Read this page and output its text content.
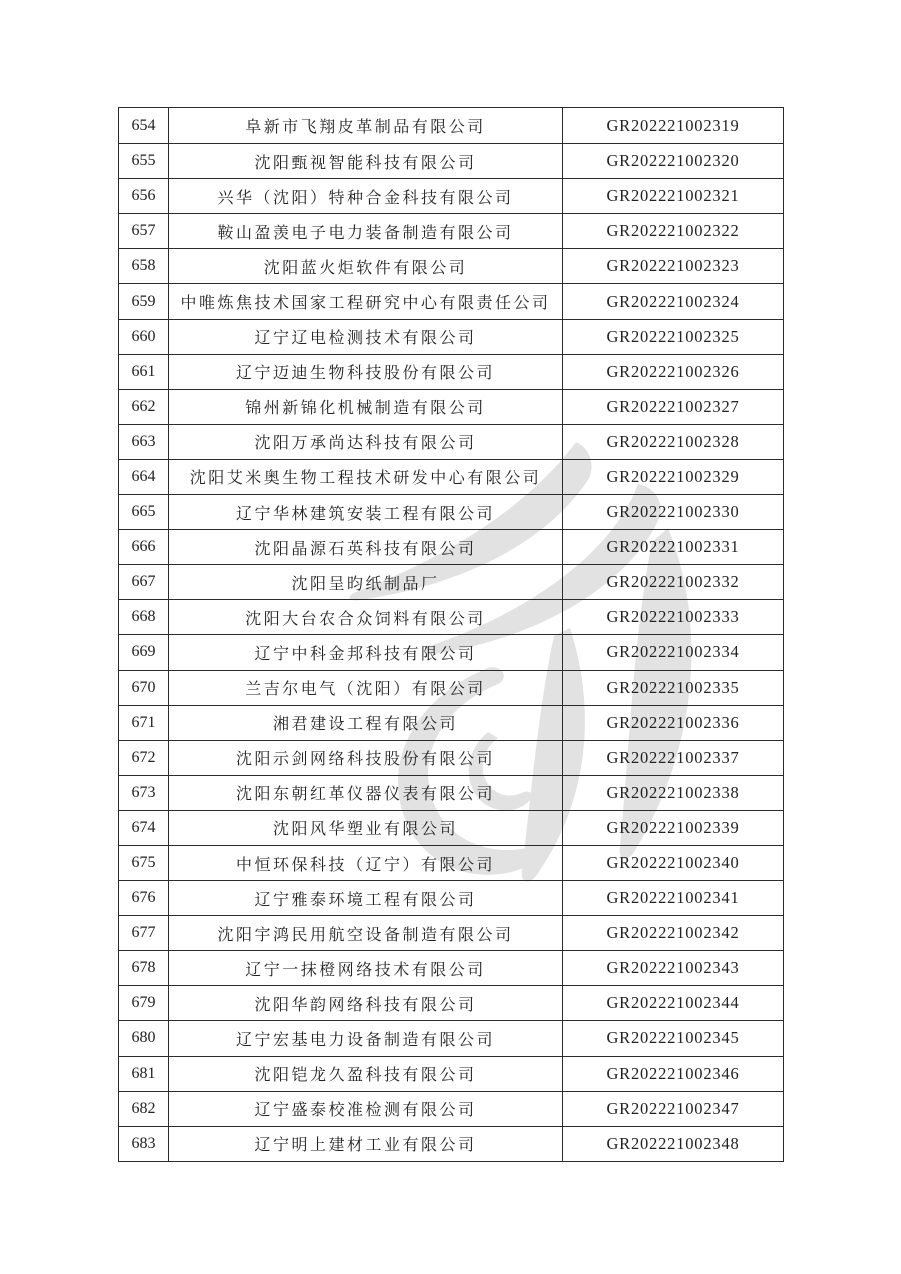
654	阜新市飞翔皮革制品有限公司	GR202221002319
655	沈阳甄视智能科技有限公司	GR202221002320
656	兴华（沈阳）特种合金科技有限公司	GR202221002321
657	鞍山盈羡电子电力装备制造有限公司	GR202221002322
658	沈阳蓝火炬软件有限公司	GR202221002323
659	中唯炼焦技术国家工程研究中心有限责任公司	GR202221002324
660	辽宁辽电检测技术有限公司	GR202221002325
661	辽宁迈迪生物科技股份有限公司	GR202221002326
662	锦州新锦化机械制造有限公司	GR202221002327
663	沈阳万承尚达科技有限公司	GR202221002328
664	沈阳艾米奥生物工程技术研发中心有限公司	GR202221002329
665	辽宁华林建筑安装工程有限公司	GR202221002330
666	沈阳晶源石英科技有限公司	GR202221002331
667	沈阳呈昀纸制品厂	GR202221002332
668	沈阳大台农合众饲料有限公司	GR202221002333
669	辽宁中科金邦科技有限公司	GR202221002334
670	兰吉尔电气（沈阳）有限公司	GR202221002335
671	湘君建设工程有限公司	GR202221002336
672	沈阳示剑网络科技股份有限公司	GR202221002337
673	沈阳东朝红革仪器仪表有限公司	GR202221002338
674	沈阳风华塑业有限公司	GR202221002339
675	中恒环保科技（辽宁）有限公司	GR202221002340
676	辽宁雅泰环境工程有限公司	GR202221002341
677	沈阳宇鸿民用航空设备制造有限公司	GR202221002342
678	辽宁一抹橙网络技术有限公司	GR202221002343
679	沈阳华韵网络科技有限公司	GR202221002344
680	辽宁宏基电力设备制造有限公司	GR202221002345
681	沈阳铠龙久盈科技有限公司	GR202221002346
682	辽宁盛泰校准检测有限公司	GR202221002347
683	辽宁明上建材工业有限公司	GR202221002348
